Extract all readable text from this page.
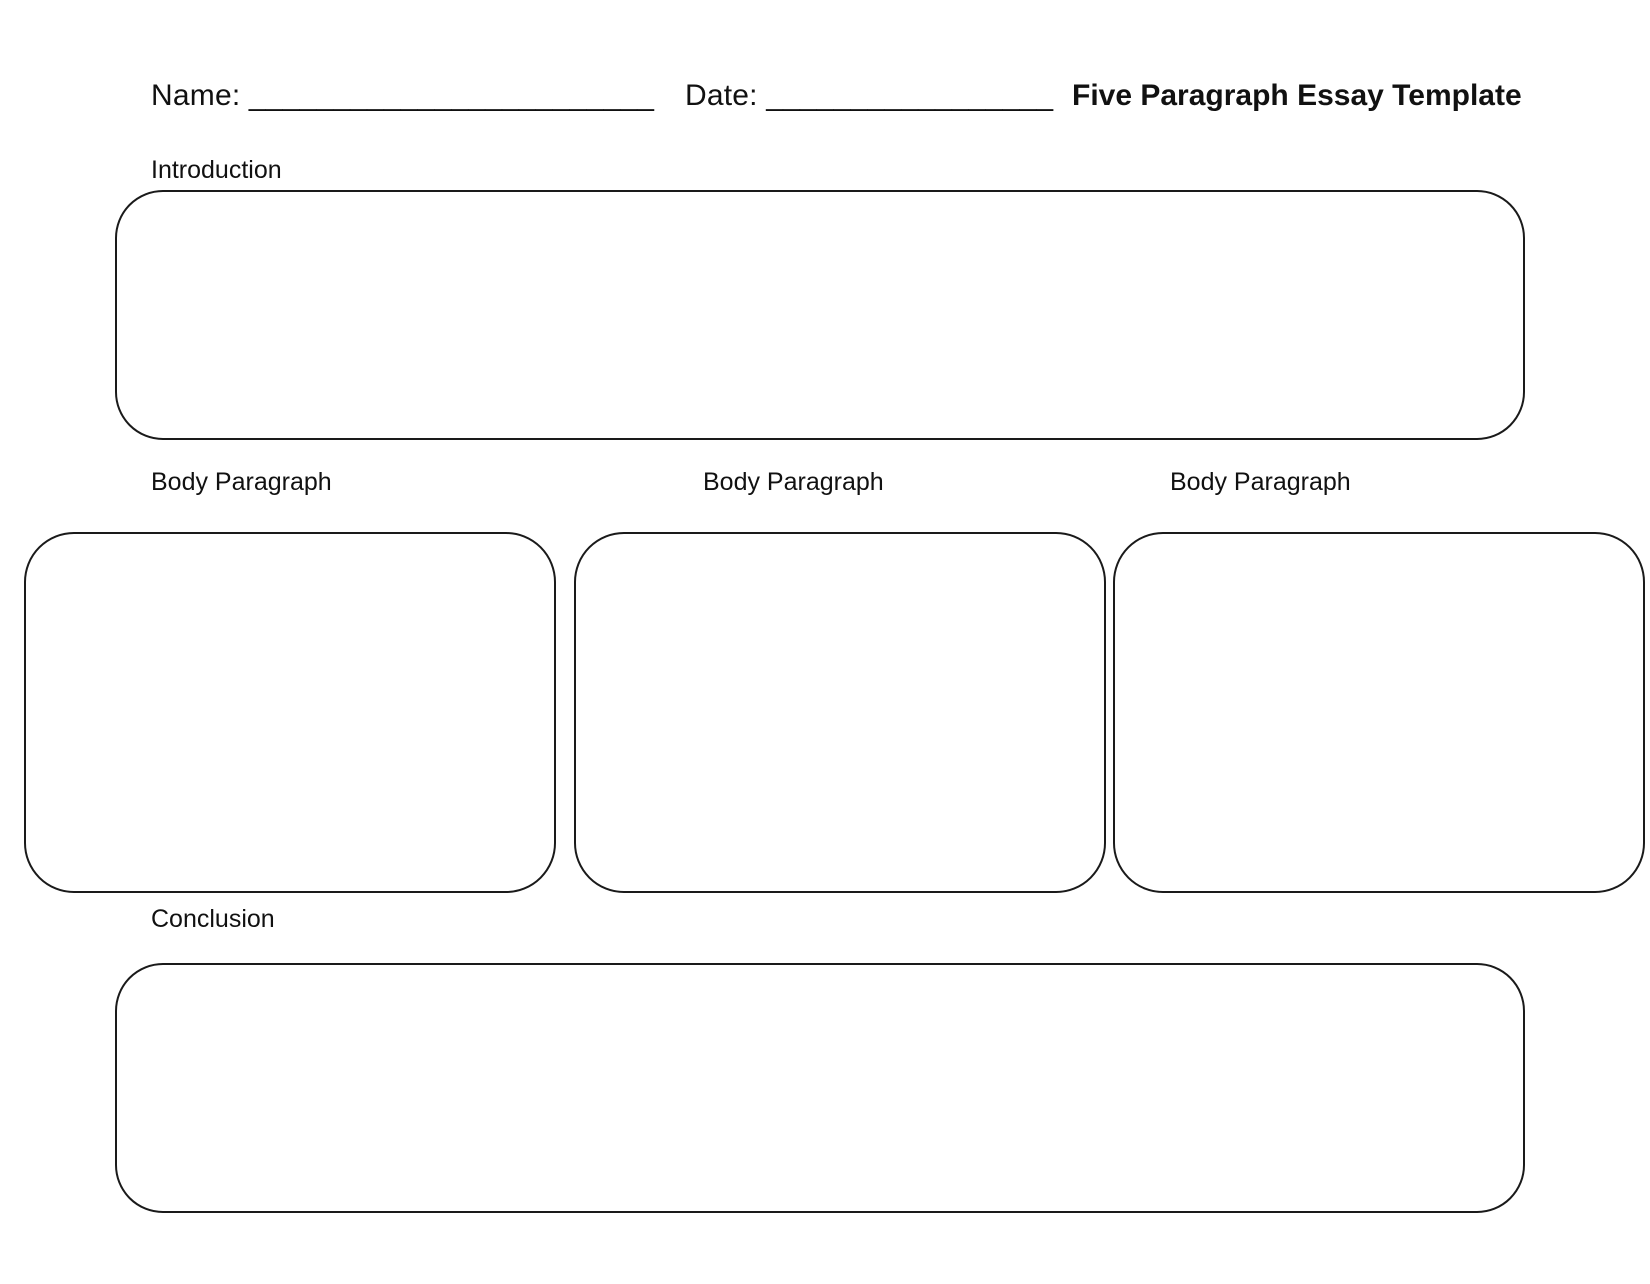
Name: ________________________ Date: _________________ Five Paragraph Essay Template
Introduction
Body Paragraph	Body Paragraph	Body Paragraph
Conclusion
